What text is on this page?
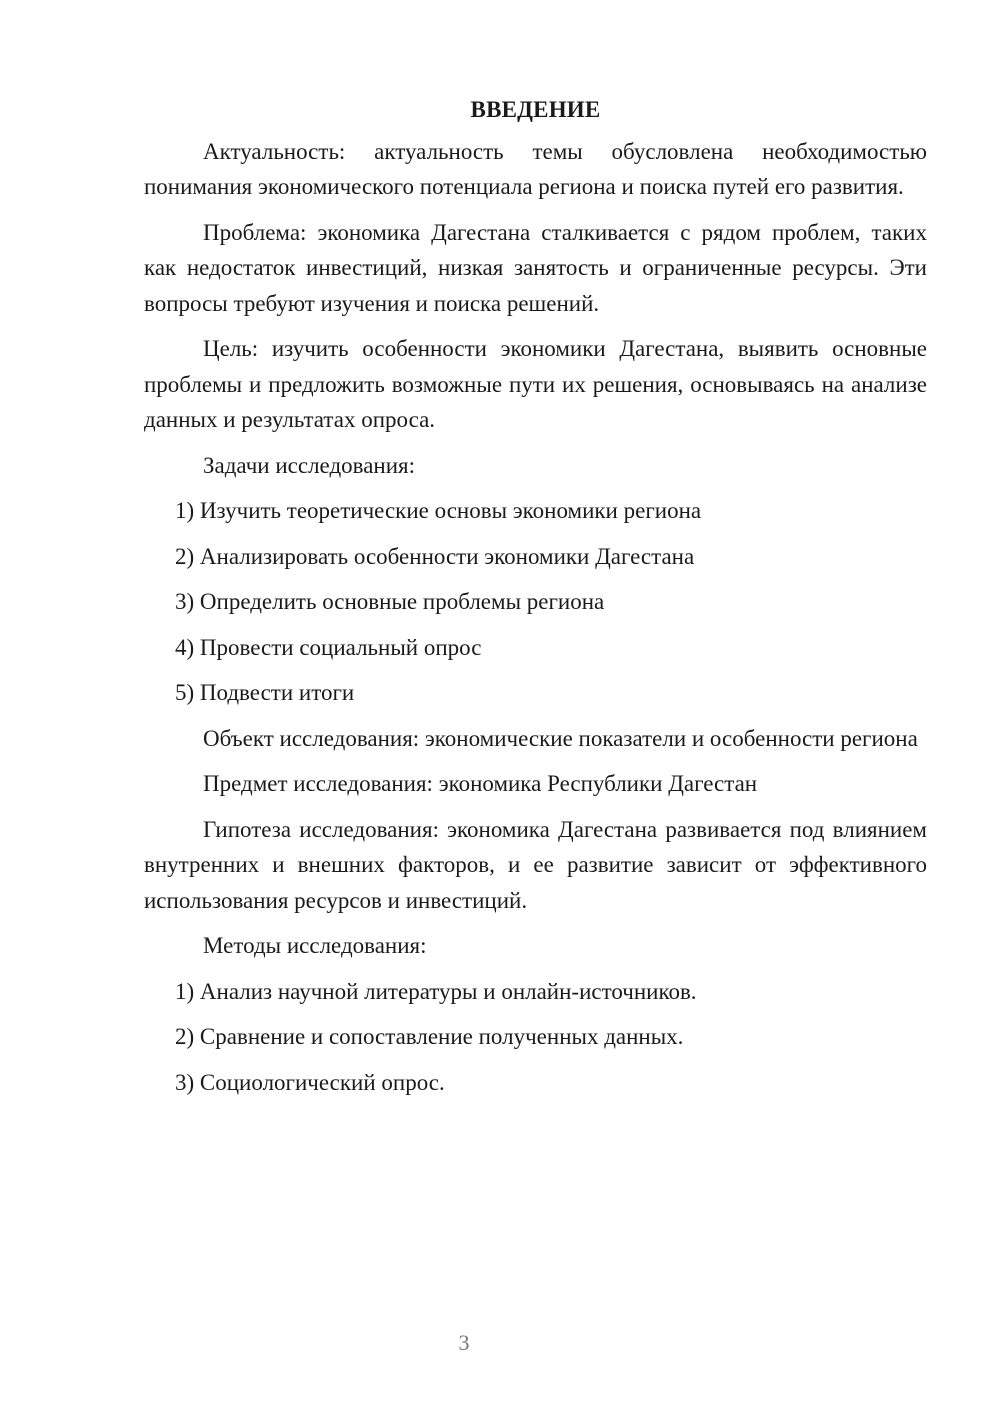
ВВЕДЕНИЕ

Актуальность: актуальность темы обусловлена необходимостью понимания экономического потенциала региона и поиска путей его развития.

Проблема: экономика Дагестана сталкивается с рядом проблем, таких как недостаток инвестиций, низкая занятость и ограниченные ресурсы. Эти вопросы требуют изучения и поиска решений.

Цель: изучить особенности экономики Дагестана, выявить основные проблемы и предложить возможные пути их решения, основываясь на анализе данных и результатах опроса.

Задачи исследования:

1) Изучить теоретические основы экономики региона

2) Анализировать особенности экономики Дагестана

3) Определить основные проблемы региона

4) Провести социальный опрос

5) Подвести итоги

Объект исследования: экономические показатели и особенности региона

Предмет исследования: экономика Республики Дагестан

Гипотеза исследования: экономика Дагестана развивается под влиянием внутренних и внешних факторов, и ее развитие зависит от эффективного использования ресурсов и инвестиций.

Методы исследования:

1) Анализ научной литературы и онлайн-источников.

2) Сравнение и сопоставление полученных данных.

3) Социологический опрос.

3
